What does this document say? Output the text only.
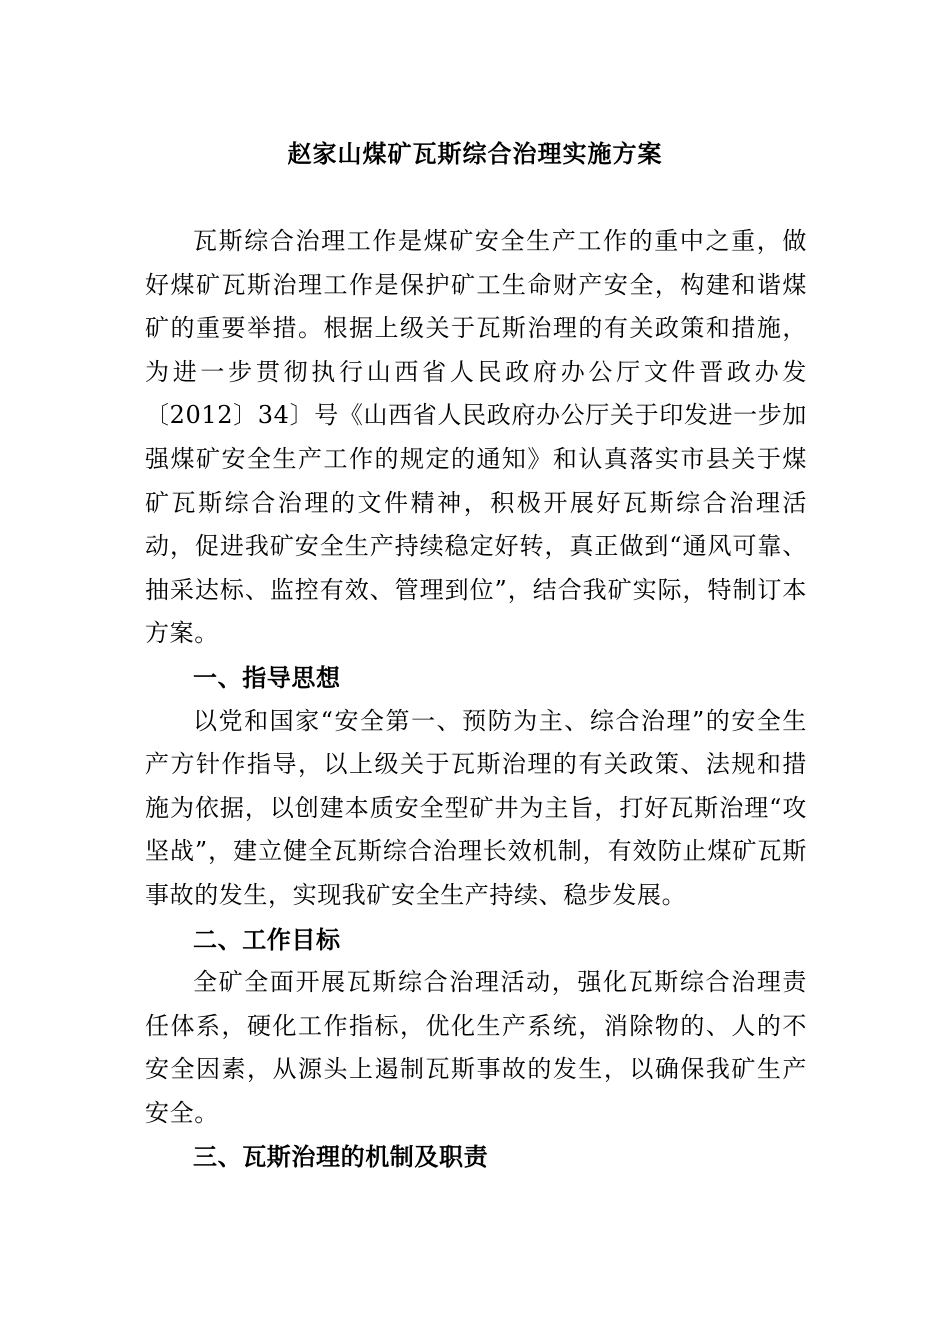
赵家山煤矿瓦斯综合治理实施方案

瓦斯综合治理工作是煤矿安全生产工作的重中之重，做好煤矿瓦斯治理工作是保护矿工生命财产安全，构建和谐煤矿的重要举措。根据上级关于瓦斯治理的有关政策和措施，为进一步贯彻执行山西省人民政府办公厅文件晋政办发〔2012〕34〕号《山西省人民政府办公厅关于印发进一步加强煤矿安全生产工作的规定的通知》和认真落实市县关于煤矿瓦斯综合治理的文件精神，积极开展好瓦斯综合治理活动，促进我矿安全生产持续稳定好转，真正做到“通风可靠、抽采达标、监控有效、管理到位”，结合我矿实际，特制订本方案。

一、指导思想

以党和国家“安全第一、预防为主、综合治理”的安全生产方针作指导，以上级关于瓦斯治理的有关政策、法规和措施为依据，以创建本质安全型矿井为主旨，打好瓦斯治理“攻坚战”，建立健全瓦斯综合治理长效机制，有效防止煤矿瓦斯事故的发生，实现我矿安全生产持续、稳步发展。

二、工作目标

全矿全面开展瓦斯综合治理活动，强化瓦斯综合治理责任体系，硬化工作指标，优化生产系统，消除物的、人的不安全因素，从源头上遏制瓦斯事故的发生，以确保我矿生产安全。

三、瓦斯治理的机制及职责
